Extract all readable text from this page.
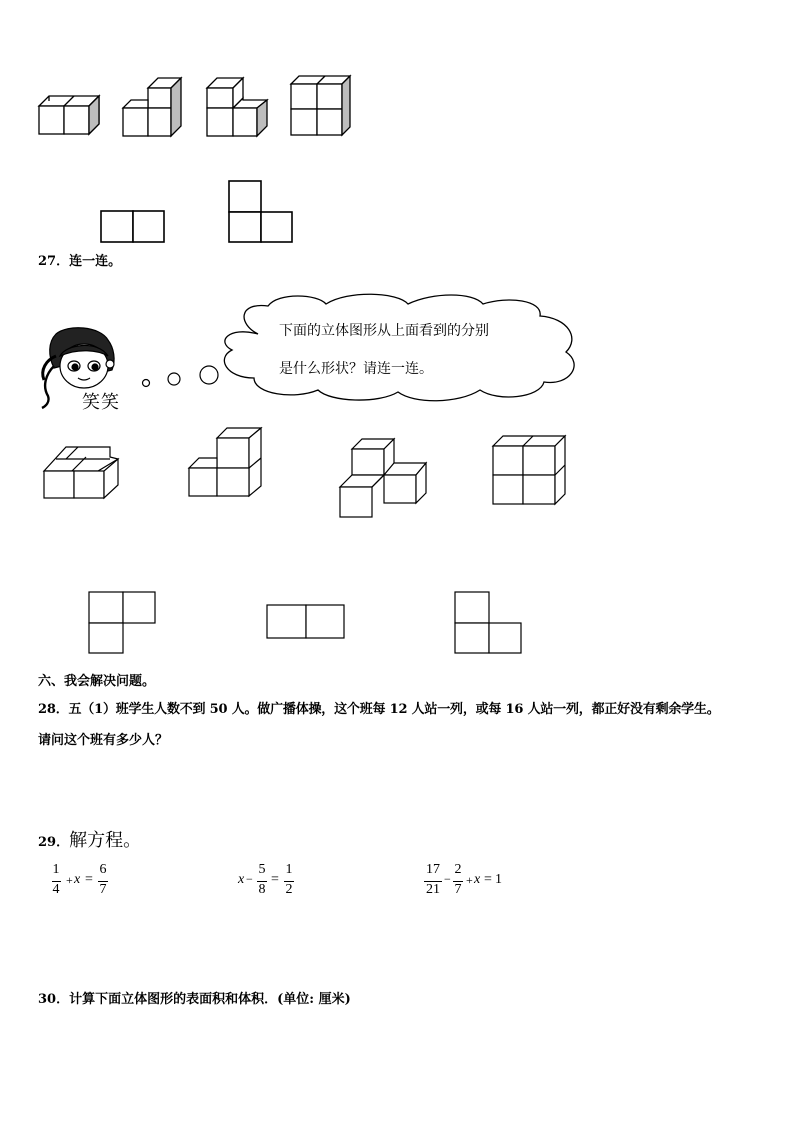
27．连一连。
笑笑
下面的立体图形从上面看到的分别
是什么形状？请连一连。
六、我会解决问题。
28．五（1）班学生人数不到 50 人。做广播体操，这个班每 12 人站一列，或每 16 人站一列，都正好没有剩余学生。
请问这个班有多少人？
29．解方程。
1
4
+ x =
6
7
x −
5
8
=
1
2
17
21
−
2
7
+ x = 1
30．计算下面立体图形的表面积和体积．(单位: 厘米)
